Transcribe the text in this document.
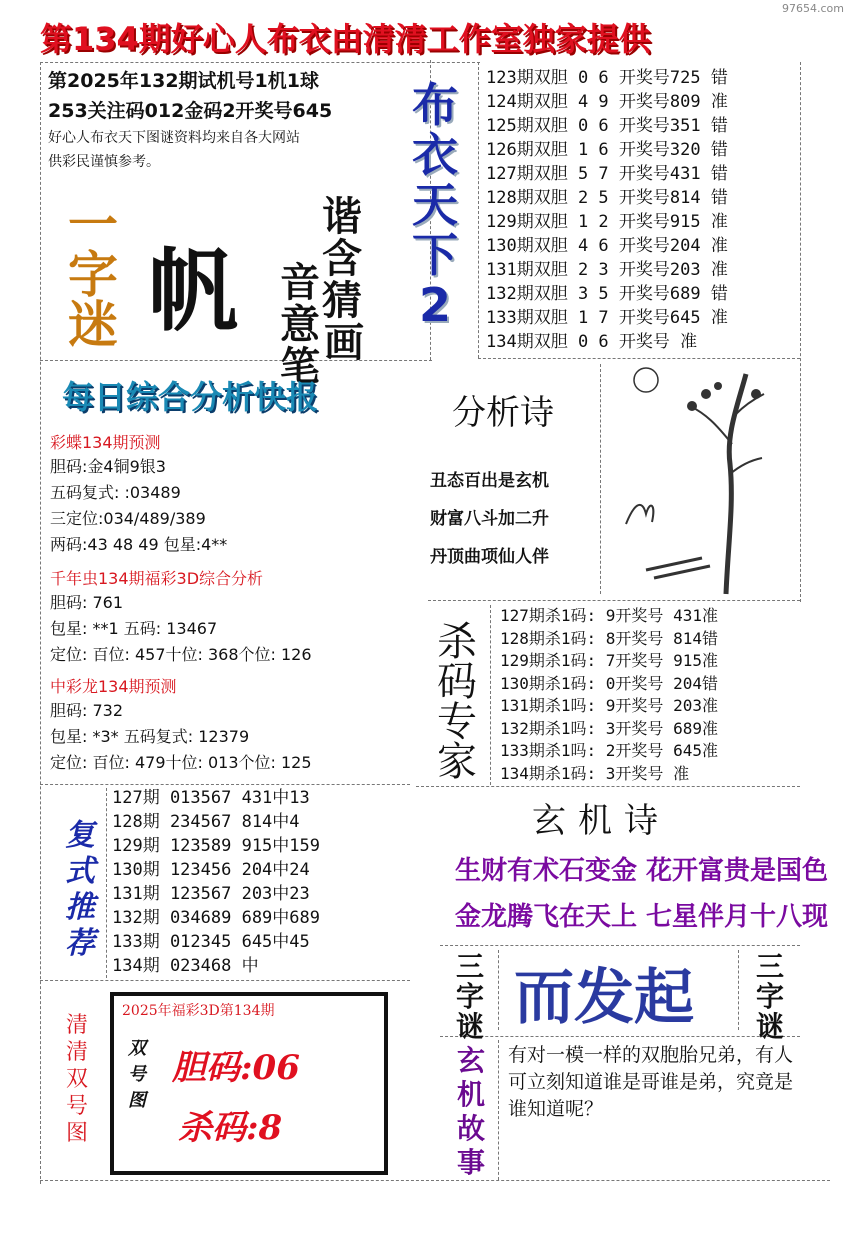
97654.com
第134期好心人布衣由清清工作室独家提供
第2025年132期试机号1机1球
253关注码012金码2开奖号645
好心人布衣天下图谜资料均来自各大网站
供彩民谨慎参考。
一字迷 帆
谐含猜
音意笔
画
布衣天下
2
123期双胆 0 6 开奖号725 错
124期双胆 4 9 开奖号809 准
125期双胆 0 6 开奖号351 错
126期双胆 1 6 开奖号320 错
127期双胆 5 7 开奖号431 错
128期双胆 2 5 开奖号814 错
129期双胆 1 2 开奖号915 准
130期双胆 4 6 开奖号204 准
131期双胆 2 3 开奖号203 准
132期双胆 3 5 开奖号689 错
133期双胆 1 7 开奖号645 准
134期双胆 0 6 开奖号 准
每日综合分析快报
彩蝶134期预测
胆码:金4铜9银3
五码复式: :03489
三定位:034/489/389
两码:43 48 49 包星:4**
千年虫134期福彩3D综合分析
胆码: 761
包星: **1 五码: 13467
定位: 百位: 457十位: 368个位: 126
中彩龙134期预测
胆码: 732
包星: *3* 五码复式: 12379
定位: 百位: 479十位: 013个位: 125
分析诗
丑态百出是玄机
财富八斗加二升
丹顶曲项仙人伴
杀码专家
127期杀1码: 9开奖号 431准
128期杀1码: 8开奖号 814错
129期杀1码: 7开奖号 915准
130期杀1码: 0开奖号 204错
131期杀1吗: 9开奖号 203准
132期杀1吗: 3开奖号 689准
133期杀1吗: 2开奖号 645准
134期杀1码: 3开奖号 准
复式推荐
127期 013567 431中13
128期 234567 814中4
129期 123589 915中159
130期 123456 204中24
131期 123567 203中23
132期 034689 689中689
133期 012345 645中45
134期 023468 中
玄机诗
生财有术石变金 花开富贵是国色
金龙腾飞在天上 七星伴月十八现
三字谜 而发起	三字谜
玄机故事
有对一模一样的双胞胎兄弟，有人可立刻知道谁是哥谁是弟，究竟是谁知道呢？
清清双号图
2025年福彩3D第134期
双号图
胆码:06
杀码:8
